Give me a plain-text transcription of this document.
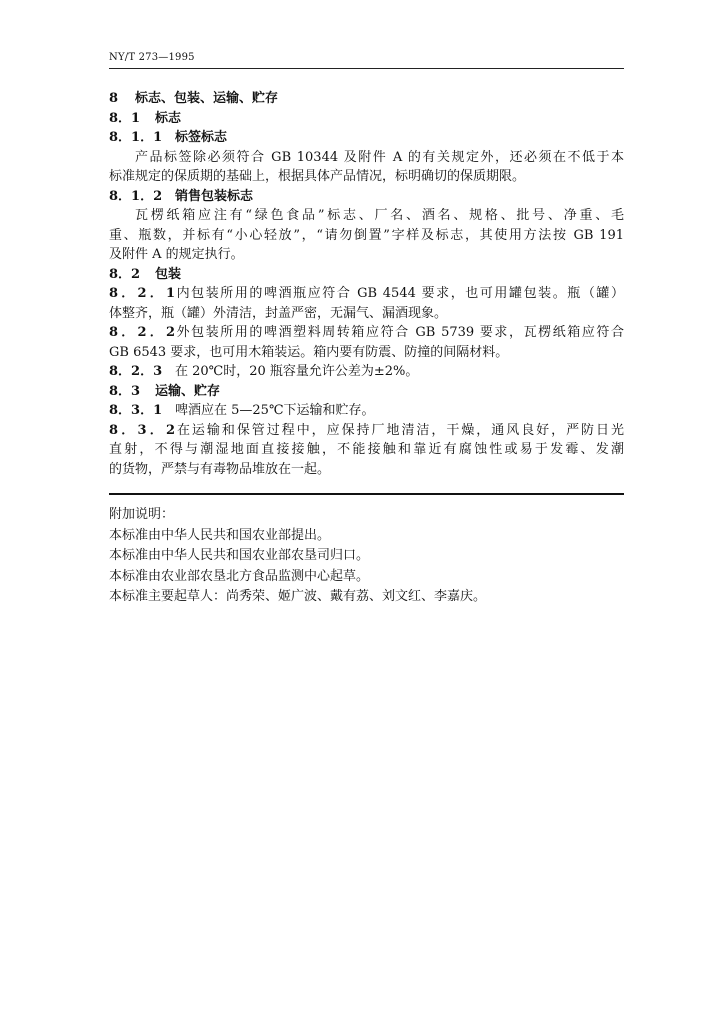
NY/T 273—1995
8 标志、包装、运输、贮存
8．1 标志
8．1．1 标签标志
产品标签除必须符合 GB 10344 及附件 A 的有关规定外，还必须在不低于本
标准规定的保质期的基础上，根据具体产品情况，标明确切的保质期限。
8．1．2 销售包装标志
瓦楞纸箱应注有“绿色食品”标志、厂名、酒名、规格、批号、净重、毛
重、瓶数，并标有“小心轻放”，“请勿倒置”字样及标志，其使用方法按 GB 191
及附件 A 的规定执行。
8．2 包装
8．2．1内包装所用的啤酒瓶应符合 GB 4544 要求，也可用罐包装。瓶（罐）
体整齐，瓶（罐）外清洁，封盖严密，无漏气、漏酒现象。
8．2．2外包装所用的啤酒塑料周转箱应符合 GB 5739 要求，瓦楞纸箱应符合
GB 6543 要求，也可用木箱装运。箱内要有防震、防撞的间隔材料。
8．2．3 在 20℃时，20 瓶容量允许公差为±2%。
8．3 运输、贮存
8．3．1 啤酒应在 5—25℃下运输和贮存。
8．3．2在运输和保管过程中，应保持厂地清洁，干燥，通风良好，严防日光
直射，不得与潮湿地面直接接触，不能接触和靠近有腐蚀性或易于发霉、发潮
的货物，严禁与有毒物品堆放在一起。
附加说明：
本标准由中华人民共和国农业部提出。
本标准由中华人民共和国农业部农垦司归口。
本标准由农业部农垦北方食品监测中心起草。
本标准主要起草人：尚秀荣、姬广波、戴有荔、刘文红、李嘉庆。
